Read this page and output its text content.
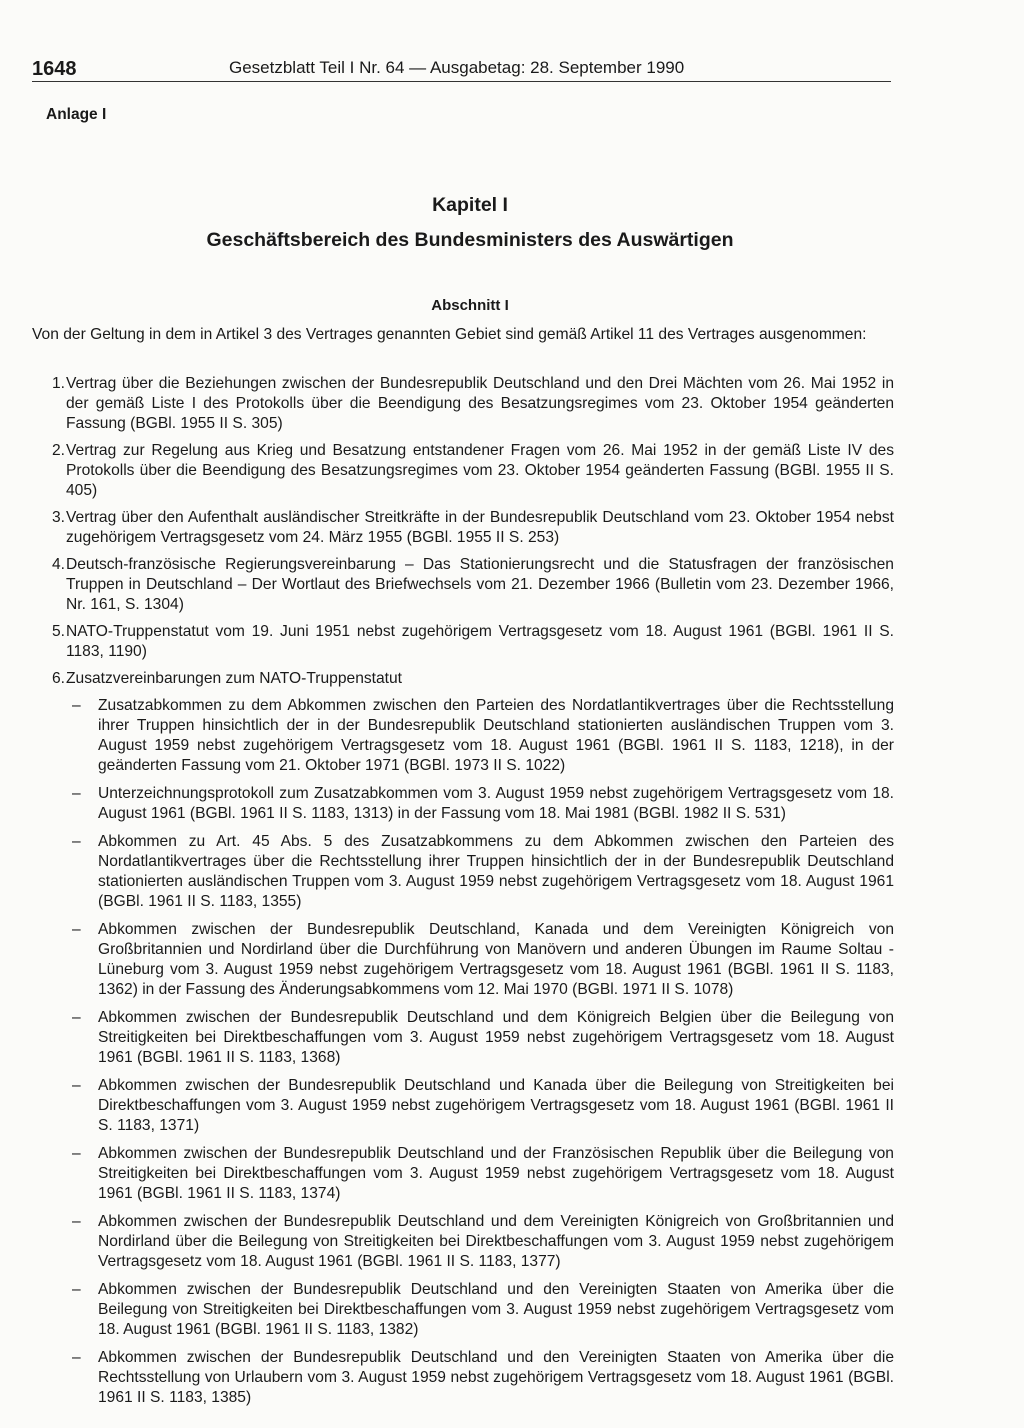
1648	Gesetzblatt Teil I Nr. 64 — Ausgabetag: 28. September 1990
Anlage I
Kapitel I
Geschäftsbereich des Bundesministers des Auswärtigen
Abschnitt I
Von der Geltung in dem in Artikel 3 des Vertrages genannten Gebiet sind gemäß Artikel 11 des Vertrages ausgenommen:
1. Vertrag über die Beziehungen zwischen der Bundesrepublik Deutschland und den Drei Mächten vom 26. Mai 1952 in der gemäß Liste I des Protokolls über die Beendigung des Besatzungsregimes vom 23. Oktober 1954 geänderten Fassung (BGBl. 1955 II S. 305)
2. Vertrag zur Regelung aus Krieg und Besatzung entstandener Fragen vom 26. Mai 1952 in der gemäß Liste IV des Protokolls über die Beendigung des Besatzungsregimes vom 23. Oktober 1954 geänderten Fassung (BGBl. 1955 II S. 405)
3. Vertrag über den Aufenthalt ausländischer Streitkräfte in der Bundesrepublik Deutschland vom 23. Oktober 1954 nebst zugehörigem Vertragsgesetz vom 24. März 1955 (BGBl. 1955 II S. 253)
4. Deutsch-französische Regierungsvereinbarung – Das Stationierungsrecht und die Statusfragen der französischen Truppen in Deutschland – Der Wortlaut des Briefwechsels vom 21. Dezember 1966 (Bulletin vom 23. Dezember 1966, Nr. 161, S. 1304)
5. NATO-Truppenstatut vom 19. Juni 1951 nebst zugehörigem Vertragsgesetz vom 18. August 1961 (BGBl. 1961 II S. 1183, 1190)
6. Zusatzvereinbarungen zum NATO-Truppenstatut
– Zusatzabkommen zu dem Abkommen zwischen den Parteien des Nordatlantikvertrages über die Rechtsstellung ihrer Truppen hinsichtlich der in der Bundesrepublik Deutschland stationierten ausländischen Truppen vom 3. August 1959 nebst zugehörigem Vertragsgesetz vom 18. August 1961 (BGBl. 1961 II S. 1183, 1218), in der geänderten Fassung vom 21. Oktober 1971 (BGBl. 1973 II S. 1022)
– Unterzeichnungsprotokoll zum Zusatzabkommen vom 3. August 1959 nebst zugehörigem Vertragsgesetz vom 18. August 1961 (BGBl. 1961 II S. 1183, 1313) in der Fassung vom 18. Mai 1981 (BGBl. 1982 II S. 531)
– Abkommen zu Art. 45 Abs. 5 des Zusatzabkommens zu dem Abkommen zwischen den Parteien des Nordatlantikvertrages über die Rechtsstellung ihrer Truppen hinsichtlich der in der Bundesrepublik Deutschland stationierten ausländischen Truppen vom 3. August 1959 nebst zugehörigem Vertragsgesetz vom 18. August 1961 (BGBl. 1961 II S. 1183, 1355)
– Abkommen zwischen der Bundesrepublik Deutschland, Kanada und dem Vereinigten Königreich von Großbritannien und Nordirland über die Durchführung von Manövern und anderen Übungen im Raume Soltau - Lüneburg vom 3. August 1959 nebst zugehörigem Vertragsgesetz vom 18. August 1961 (BGBl. 1961 II S. 1183, 1362) in der Fassung des Änderungsabkommens vom 12. Mai 1970 (BGBl. 1971 II S. 1078)
– Abkommen zwischen der Bundesrepublik Deutschland und dem Königreich Belgien über die Beilegung von Streitigkeiten bei Direktbeschaffungen vom 3. August 1959 nebst zugehörigem Vertragsgesetz vom 18. August 1961 (BGBl. 1961 II S. 1183, 1368)
– Abkommen zwischen der Bundesrepublik Deutschland und Kanada über die Beilegung von Streitigkeiten bei Direktbeschaffungen vom 3. August 1959 nebst zugehörigem Vertragsgesetz vom 18. August 1961 (BGBl. 1961 II S. 1183, 1371)
– Abkommen zwischen der Bundesrepublik Deutschland und der Französischen Republik über die Beilegung von Streitigkeiten bei Direktbeschaffungen vom 3. August 1959 nebst zugehörigem Vertragsgesetz vom 18. August 1961 (BGBl. 1961 II S. 1183, 1374)
– Abkommen zwischen der Bundesrepublik Deutschland und dem Vereinigten Königreich von Großbritannien und Nordirland über die Beilegung von Streitigkeiten bei Direktbeschaffungen vom 3. August 1959 nebst zugehörigem Vertragsgesetz vom 18. August 1961 (BGBl. 1961 II S. 1183, 1377)
– Abkommen zwischen der Bundesrepublik Deutschland und den Vereinigten Staaten von Amerika über die Beilegung von Streitigkeiten bei Direktbeschaffungen vom 3. August 1959 nebst zugehörigem Vertragsgesetz vom 18. August 1961 (BGBl. 1961 II S. 1183, 1382)
– Abkommen zwischen der Bundesrepublik Deutschland und den Vereinigten Staaten von Amerika über die Rechtsstellung von Urlaubern vom 3. August 1959 nebst zugehörigem Vertragsgesetz vom 18. August 1961 (BGBl. 1961 II S. 1183, 1385)
